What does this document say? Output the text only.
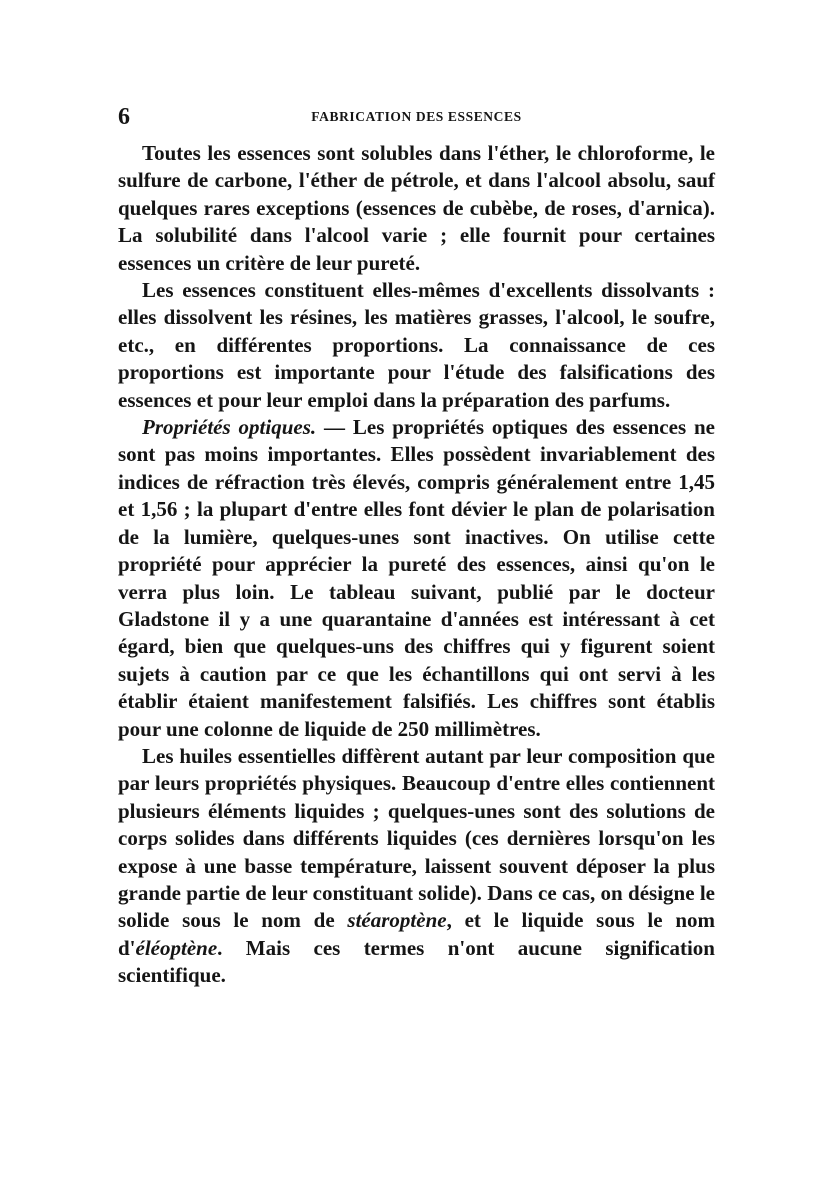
6	FABRICATION DES ESSENCES

Toutes les essences sont solubles dans l'éther, le chloroforme, le sulfure de carbone, l'éther de pétrole, et dans l'alcool absolu, sauf quelques rares exceptions (essences de cubèbe, de roses, d'arnica). La solubilité dans l'alcool varie ; elle fournit pour certaines essences un critère de leur pureté.

Les essences constituent elles-mêmes d'excellents dissolvants : elles dissolvent les résines, les matières grasses, l'alcool, le soufre, etc., en différentes proportions. La connaissance de ces proportions est importante pour l'étude des falsifications des essences et pour leur emploi dans la préparation des parfums.

Propriétés optiques. — Les propriétés optiques des essences ne sont pas moins importantes. Elles possèdent invariablement des indices de réfraction très élevés, compris généralement entre 1,45 et 1,56 ; la plupart d'entre elles font dévier le plan de polarisation de la lumière, quelques-unes sont inactives. On utilise cette propriété pour apprécier la pureté des essences, ainsi qu'on le verra plus loin. Le tableau suivant, publié par le docteur Gladstone il y a une quarantaine d'années est intéressant à cet égard, bien que quelques-uns des chiffres qui y figurent soient sujets à caution par ce que les échantillons qui ont servi à les établir étaient manifestement falsifiés. Les chiffres sont établis pour une colonne de liquide de 250 millimètres.

Les huiles essentielles diffèrent autant par leur composition que par leurs propriétés physiques. Beaucoup d'entre elles contiennent plusieurs éléments liquides ; quelques-unes sont des solutions de corps solides dans différents liquides (ces dernières lorsqu'on les expose à une basse température, laissent souvent déposer la plus grande partie de leur constituant solide). Dans ce cas, on désigne le solide sous le nom de stéaroptène, et le liquide sous le nom d'éléoptène. Mais ces termes n'ont aucune signification scientifique.
